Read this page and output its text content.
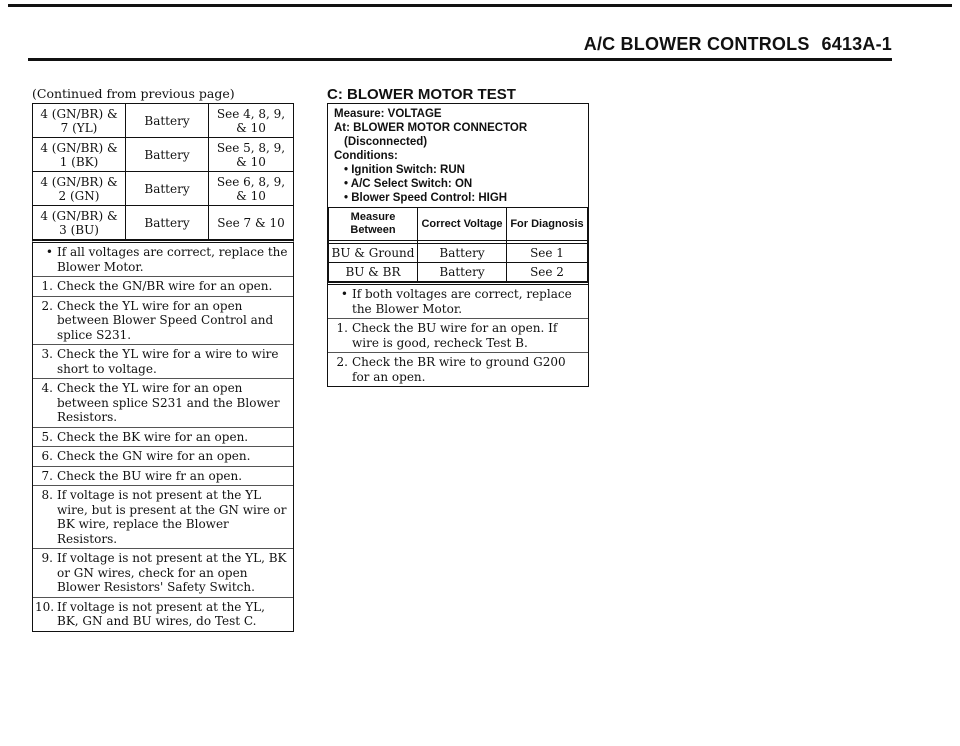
A/C BLOWER CONTROLS 6413A-1
(Continued from previous page)
4 (GN/BR) & 7 (YL)	Battery	See 4, 8, 9, & 10
4 (GN/BR) & 1 (BK)	Battery	See 5, 8, 9, & 10
4 (GN/BR) & 2 (GN)	Battery	See 6, 8, 9, & 10
4 (GN/BR) & 3 (BU)	Battery	See 7 & 10
• If all voltages are correct, replace the Blower Motor.
1. Check the GN/BR wire for an open.
2. Check the YL wire for an open between Blower Speed Control and splice S231.
3. Check the YL wire for a wire to wire short to voltage.
4. Check the YL wire for an open between splice S231 and the Blower Resistors.
5. Check the BK wire for an open.
6. Check the GN wire for an open.
7. Check the BU wire fr an open.
8. If voltage is not present at the YL wire, but is present at the GN wire or BK wire, replace the Blower Resistors.
9. If voltage is not present at the YL, BK or GN wires, check for an open Blower Resistors' Safety Switch.
10. If voltage is not present at the YL, BK, GN and BU wires, do Test C.
C: BLOWER MOTOR TEST
Measure: VOLTAGE
At: BLOWER MOTOR CONNECTOR
(Disconnected)
Conditions:
• Ignition Switch: RUN
• A/C Select Switch: ON
• Blower Speed Control: HIGH
Measure Between	Correct Voltage	For Diagnosis

BU & Ground	Battery	See 1
BU & BR	Battery	See 2
• If both voltages are correct, replace the Blower Motor.
1. Check the BU wire for an open. If wire is good, recheck Test B.
2. Check the BR wire to ground G200 for an open.
